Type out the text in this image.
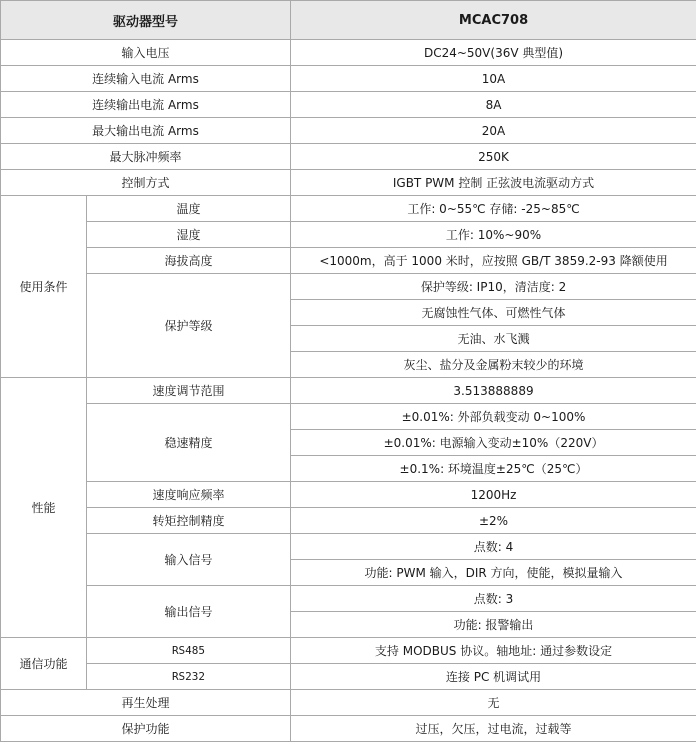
驱动器型号		MCAC708
输入电压		DC24~50V(36V 典型值)
连续输入电流 Arms		10A
连续输出电流 Arms		8A
最大输出电流 Arms		20A
最大脉冲频率		250K
控制方式		IGBT PWM 控制 正弦波电流驱动方式
使用条件	温度	工作: 0~55℃ 存储: -25~85℃
	湿度	工作: 10%~90%
	海拔高度	<1000m，高于 1000 米时，应按照 GB/T 3859.2-93 降额使用
	保护等级	保护等级: IP10，清洁度: 2
		无腐蚀性气体、可燃性气体
		无油、水飞溅
		灰尘、盐分及金属粉末较少的环境
性能	速度调节范围	3.513888889
	稳速精度	±0.01%: 外部负载变动 0~100%
		±0.01%: 电源输入变动±10%（220V）
		±0.1%: 环境温度±25℃（25℃）
	速度响应频率	1200Hz
	转矩控制精度	±2%
	输入信号	点数: 4
		功能: PWM 输入，DIR 方向，使能，模拟量输入
	输出信号	点数: 3
		功能: 报警输出
通信功能	RS485	支持 MODBUS 协议。轴地址: 通过参数设定
	RS232	连接 PC 机调试用
再生处理		无
保护功能		过压，欠压，过电流，过载等
